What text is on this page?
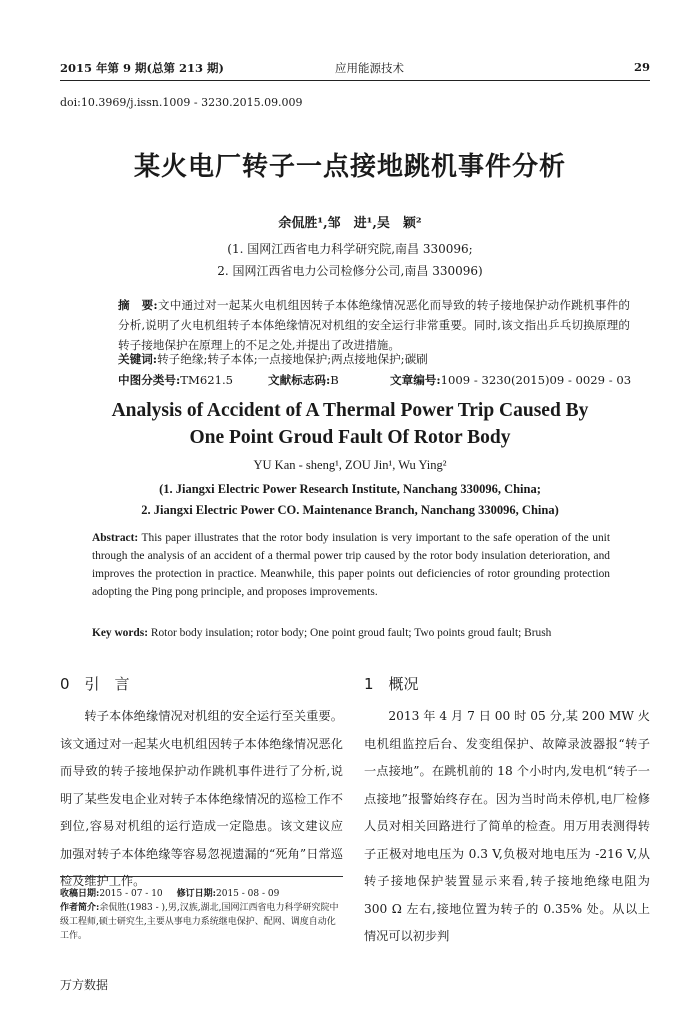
2015 年第 9 期(总第 213 期)	应用能源技术	29
doi:10.3969/j.issn.1009 - 3230.2015.09.009
某火电厂转子一点接地跳机事件分析
余侃胜¹,邹　进¹,吴　颖²
(1. 国网江西省电力科学研究院,南昌 330096;
2. 国网江西省电力公司检修分公司,南昌 330096)
摘　要:文中通过对一起某火电机组因转子本体绝缘情况恶化而导致的转子接地保护动作跳机事件的分析,说明了火电机组转子本体绝缘情况对机组的安全运行非常重要。同时,该文指出乒乓切换原理的转子接地保护在原理上的不足之处,并提出了改进措施。
关键词:转子绝缘;转子本体;一点接地保护;两点接地保护;碳刷
中图分类号:TM621.5	文献标志码:B	文章编号:1009 - 3230(2015)09 - 0029 - 03
Analysis of Accident of A Thermal Power Trip Caused By
One Point Groud Fault Of Rotor Body
YU Kan - sheng¹, ZOU Jin¹, Wu Ying²
(1. Jiangxi Electric Power Research Institute, Nanchang 330096, China;
2. Jiangxi Electric Power CO. Maintenance Branch, Nanchang 330096, China)
Abstract: This paper illustrates that the rotor body insulation is very important to the safe operation of the unit through the analysis of an accident of a thermal power trip caused by the rotor body insulation deterioration, and improves the protection in practice. Meanwhile, this paper points out deficiencies of rotor grounding protection adopting the Ping pong principle, and proposes improvements.
Key words: Rotor body insulation; rotor body; One point groud fault; Two points groud fault; Brush
0　引　言

转子本体绝缘情况对机组的安全运行至关重要。该文通过对一起某火电机组因转子本体绝缘情况恶化而导致的转子接地保护动作跳机事件进行了分析,说明了某些发电企业对转子本体绝缘情况的巡检工作不到位,容易对机组的运行造成一定隐患。该文建议应加强对转子本体绝缘等容易忽视遗漏的“死角”日常巡检及维护工作。

1　概况

2013 年 4 月 7 日 00 时 05 分,某 200 MW 火电机组监控后台、发变组保护、故障录波器报“转子一点接地”。在跳机前的 18 个小时内,发电机“转子一点接地”报警始终存在。因为当时尚未停机,电厂检修人员对相关回路进行了简单的检查。用万用表测得转子正极对地电压为 0.3 V,负极对地电压为 -216 V,从转子接地保护装置显示来看,转子接地绝缘电阻为 300 Ω 左右,接地位置为转子的 0.35% 处。从以上情况可以初步判

收稿日期:2015 - 07 - 10 修订日期:2015 - 08 - 09
作者简介:余侃胜(1983 - ),男,汉族,湖北,国网江西省电力科学研究院中级工程师,硕士研究生,主要从事电力系统继电保护、配网、调度自动化工作。
万方数据
